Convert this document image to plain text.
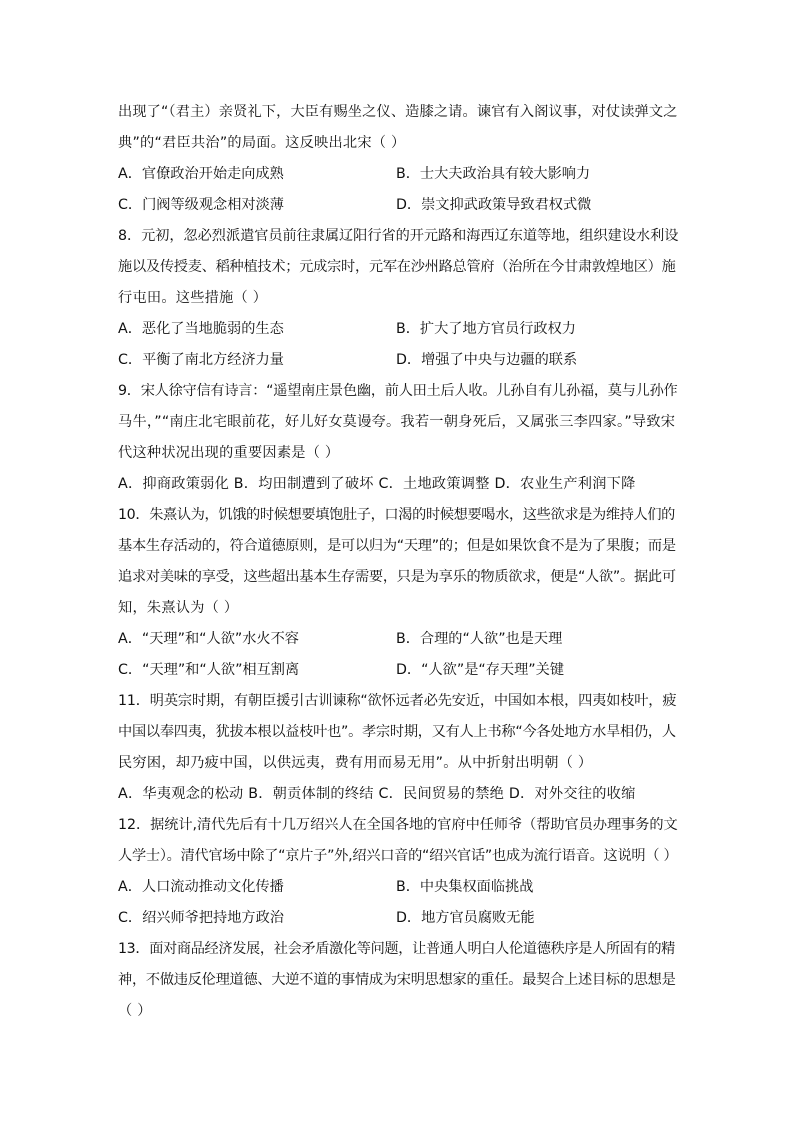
出现了“（君主）亲贤礼下，大臣有赐坐之仪、造膝之请。谏官有入阁议事，对仗读弹文之
典”的“君臣共治”的局面。这反映出北宋（ ）
A．官僚政治开始走向成熟	B．士大夫政治具有较大影响力
C．门阀等级观念相对淡薄	D．崇文抑武政策导致君权式微
8．元初，忽必烈派遣官员前往隶属辽阳行省的开元路和海西辽东道等地，组织建设水利设
施以及传授麦、稻种植技术；元成宗时，元军在沙州路总管府（治所在今甘肃敦煌地区）施
行屯田。这些措施（ ）
A．恶化了当地脆弱的生态	B．扩大了地方官员行政权力
C．平衡了南北方经济力量	D．增强了中央与边疆的联系
9．宋人徐守信有诗言：“遥望南庄景色幽，前人田土后人收。儿孙自有儿孙福，莫与儿孙作
马牛，”“南庄北宅眼前花，好儿好女莫谩夸。我若一朝身死后，又属张三李四家。”导致宋
代这种状况出现的重要因素是（ ）
A．抑商政策弱化 B．均田制遭到了破坏 C．土地政策调整 D．农业生产利润下降
10．朱熹认为，饥饿的时候想要填饱肚子，口渴的时候想要喝水，这些欲求是为维持人们的
基本生存活动的，符合道德原则，是可以归为“天理”的；但是如果饮食不是为了果腹；而是
追求对美味的享受，这些超出基本生存需要，只是为享乐的物质欲求，便是“人欲”。据此可
知，朱熹认为（ ）
A．“天理”和“人欲”水火不容	B．合理的“人欲”也是天理
C．“天理”和“人欲”相互割离	D．“人欲”是“存天理”关键
11．明英宗时期，有朝臣援引古训谏称“欲怀远者必先安近，中国如本根，四夷如枝叶，疲
中国以奉四夷，犹拔本根以益枝叶也”。孝宗时期，又有人上书称“今各处地方水旱相仍，人
民穷困，却乃疲中国，以供远夷，费有用而易无用”。从中折射出明朝（ ）
A．华夷观念的松动 B．朝贡体制的终结 C．民间贸易的禁绝 D．对外交往的收缩
12．据统计,清代先后有十几万绍兴人在全国各地的官府中任师爷（帮助官员办理事务的文
人学士）。清代官场中除了“京片子”外,绍兴口音的“绍兴官话”也成为流行语音。这说明（ ）
A．人口流动推动文化传播	B．中央集权面临挑战
C．绍兴师爷把持地方政治	D．地方官员腐败无能
13．面对商品经济发展，社会矛盾激化等问题，让普通人明白人伦道德秩序是人所固有的精
神，不做违反伦理道德、大逆不道的事情成为宋明思想家的重任。最契合上述目标的思想是
（ ）
